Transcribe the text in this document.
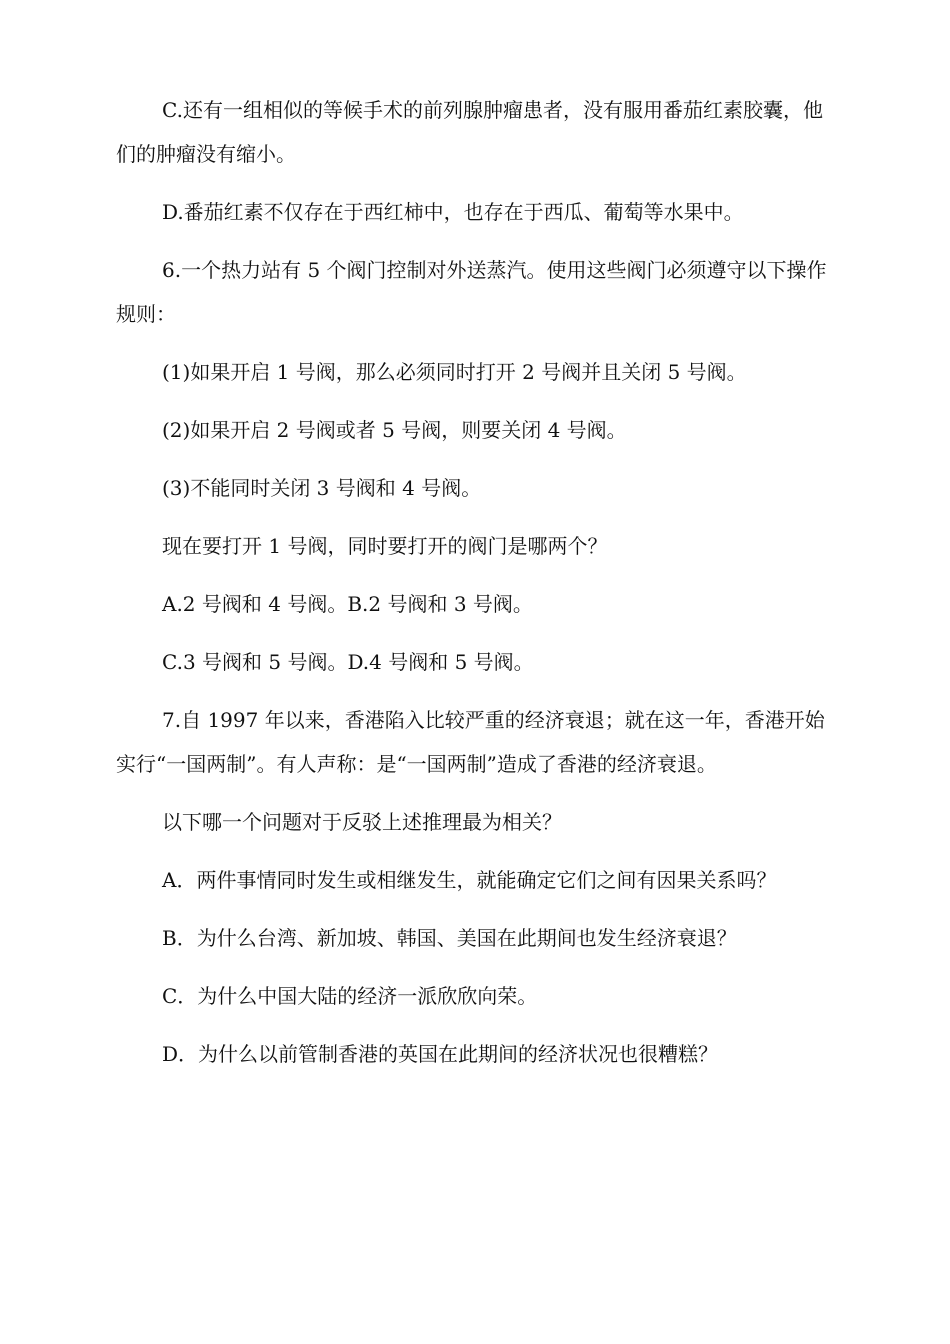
C.还有一组相似的等候手术的前列腺肿瘤患者，没有服用番茄红素胶囊，他们的肿瘤没有缩小。

D.番茄红素不仅存在于西红柿中，也存在于西瓜、葡萄等水果中。

6.一个热力站有 5 个阀门控制对外送蒸汽。使用这些阀门必须遵守以下操作规则：

(1)如果开启 1 号阀，那么必须同时打开 2 号阀并且关闭 5 号阀。

(2)如果开启 2 号阀或者 5 号阀，则要关闭 4 号阀。

(3)不能同时关闭 3 号阀和 4 号阀。

现在要打开 1 号阀，同时要打开的阀门是哪两个？

A.2 号阀和 4 号阀。B.2 号阀和 3 号阀。

C.3 号阀和 5 号阀。D.4 号阀和 5 号阀。

7.自 1997 年以来，香港陷入比较严重的经济衰退；就在这一年，香港开始实行“一国两制”。有人声称：是“一国两制”造成了香港的经济衰退。

以下哪一个问题对于反驳上述推理最为相关？

A．两件事情同时发生或相继发生，就能确定它们之间有因果关系吗？

B．为什么台湾、新加坡、韩国、美国在此期间也发生经济衰退？

C．为什么中国大陆的经济一派欣欣向荣。

D．为什么以前管制香港的英国在此期间的经济状况也很糟糕？
